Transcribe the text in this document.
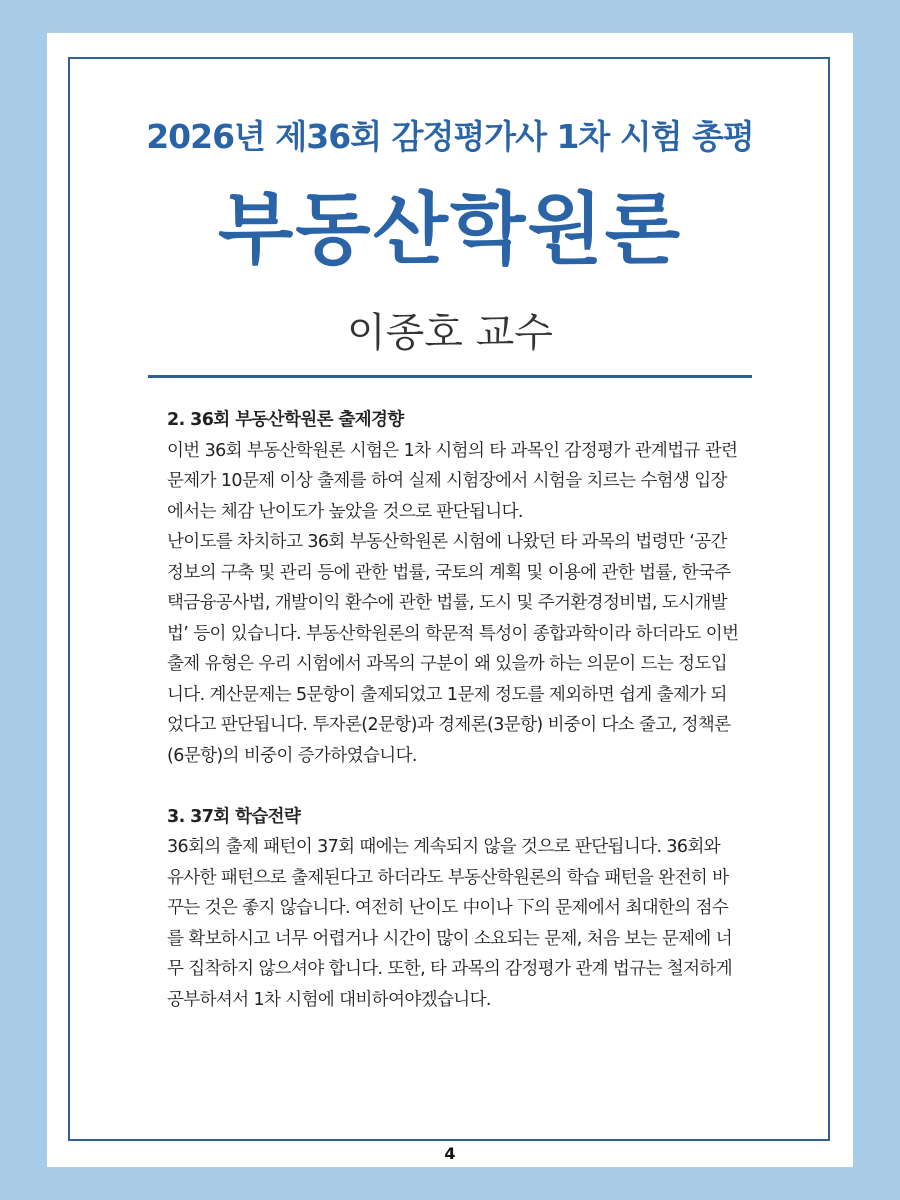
2026년 제36회 감정평가사 1차 시험 총평
부동산학원론
이종호 교수

2. 36회 부동산학원론 출제경향

이번 36회 부동산학원론 시험은 1차 시험의 타 과목인 감정평가 관계법규 관련 문제가 10문제 이상 출제를 하여 실제 시험장에서 시험을 치르는 수험생 입장에서는 체감 난이도가 높았을 것으로 판단됩니다.

난이도를 차치하고 36회 부동산학원론 시험에 나왔던 타 과목의 법령만 ‘공간정보의 구축 및 관리 등에 관한 법률, 국토의 계획 및 이용에 관한 법률, 한국주택금융공사법, 개발이익 환수에 관한 법률, 도시 및 주거환경정비법, 도시개발법’ 등이 있습니다. 부동산학원론의 학문적 특성이 종합과학이라 하더라도 이번 출제 유형은 우리 시험에서 과목의 구분이 왜 있을까 하는 의문이 드는 정도입니다. 계산문제는 5문항이 출제되었고 1문제 정도를 제외하면 쉽게 출제가 되었다고 판단됩니다. 투자론(2문항)과 경제론(3문항) 비중이 다소 줄고, 정책론(6문항)의 비중이 증가하였습니다.

3. 37회 학습전략

36회의 출제 패턴이 37회 때에는 계속되지 않을 것으로 판단됩니다. 36회와 유사한 패턴으로 출제된다고 하더라도 부동산학원론의 학습 패턴을 완전히 바꾸는 것은 좋지 않습니다. 여전히 난이도 中이나 下의 문제에서 최대한의 점수를 확보하시고 너무 어렵거나 시간이 많이 소요되는 문제, 처음 보는 문제에 너무 집착하지 않으셔야 합니다. 또한, 타 과목의 감정평가 관계 법규는 철저하게 공부하셔서 1차 시험에 대비하여야겠습니다.

4
